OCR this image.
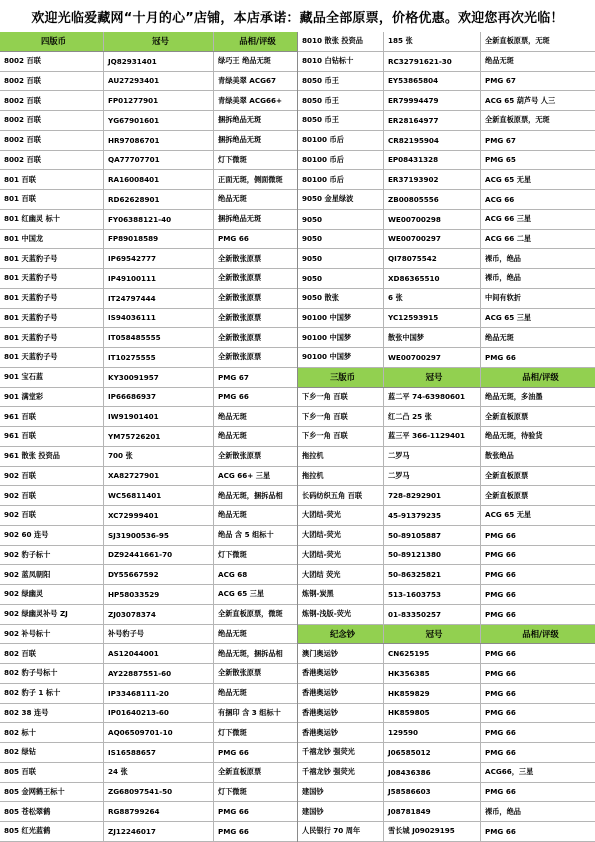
欢迎光临爱藏网“十月的心”店铺，本店承诺：藏品全部原票，价格优惠。欢迎您再次光临！
四版币	冠号	品相/评级
8002 百联	JQ82931401	绿巧王 绝品无斑
8002 百联	AU27293401	青绿美翠 ACG67
8002 百联	FP01277901	青绿美翠 ACG66+
8002 百联	YG67901601	捆拆绝品无斑
8002 百联	HR97086701	捆拆绝品无斑
8002 百联	QA77707701	灯下微斑
801 百联	RA16008401	正面无斑，侧面微斑
801 百联	RD62628901	绝品无斑
801 红幽灵 标十	FY06388121-40	捆拆绝品无斑
801 中国龙	FP89018589	PMG 66
801 天蓝豹子号	IP69542777	全新散张原票
801 天蓝豹子号	IP49100111	全新散张原票
801 天蓝豹子号	IT24797444	全新散张原票
801 天蓝豹子号	IS94036111	全新散张原票
801 天蓝豹子号	IT058485555	全新散张原票
801 天蓝豹子号	IT10275555	全新散张原票
901 宝石蓝	KY30091957	PMG 67
901 满堂彩	IP66686937	PMG 66
961 百联	IW91901401	绝品无斑
961 百联	YM75726201	绝品无斑
961 散张 投资品	700 张	全新散张原票
902 百联	XA82727901	ACG 66+ 三星
902 百联	WC56811401	绝品无斑，捆拆品相
902 百联	XC72999401	绝品无斑
902 60 连号	SJ31900536-95	绝品 含 5 组标十
902 豹子标十	DZ92441661-70	灯下微斑
902 蓝凤朝阳	DY55667592	ACG 68
902 绿幽灵	HP58033529	ACG 65 三星
902 绿幽灵补号 ZJ	ZJ03078374	全新直板原票，微斑
902 补号标十	补号豹子号	绝品无斑
802 百联	AS12044001	绝品无斑，捆拆品相
802 豹子号标十	AY22887551-60	全新散张原票
802 豹子 1 标十	IP33468111-20	绝品无斑
802 38 连号	IP01640213-60	有捆印 含 3 组标十
802 标十	AQ06509701-10	灯下微斑
802 绿钻	IS16588657	PMG 66
805 百联	24 张	全新直板原票
805 金网鹤王标十	ZG68097541-50	灯下微斑
805 苍松翠鹤	RG88799264	PMG 66
805 红光蓝鹤	ZJ12246017	PMG 66
8010 散张 投资品	185 张	全新直板原票，无斑
8010 白钻标十	RC32791621-30	绝品无斑
8050 币王	EY53865804	PMG 67
8050 币王	ER79994479	ACG 65 葫芦号 人三
8050 币王	ER28164977	全新直板原票，无斑
80100 币后	CR82195904	PMG 67
80100 币后	EP08431328	PMG 65
80100 币后	ER37193902	ACG 65 无星
9050 金星绿波	ZB00805556	ACG 66
9050	WE00700298	ACG 66 三星
9050	WE00700297	ACG 66 二星
9050	QI78075542	裸币，绝品
9050	XD86365510	裸币，绝品
9050 散张	6 张	中间有软折
90100 中国梦	YC12593915	ACG 65 三星
90100 中国梦	散张中国梦	绝品无斑
90100 中国梦	WE00700297	PMG 66
三版币	冠号	品相/评级
下乡一角 百联	蓝二平 74-63980601	绝品无斑，多油墨
下乡一角 百联	红二凸 25 张	全新直板原票
下乡一角 百联	蓝三平 366-1129401	绝品无斑，待验货
拖拉机	二罗马	散张绝品
拖拉机	二罗马	全新直板原票
长码纺织五角 百联	728-8292901	全新直板原票
大团结-荧光	45-91379235	ACG 65 无星
大团结-荧光	50-89105887	PMG 66
大团结-荧光	50-89121380	PMG 66
大团结 荧光	50-86325821	PMG 66
炼钢-炭黑	513-1603753	PMG 66
炼钢-浅版-荧光	01-83350257	PMG 66
纪念钞	冠号	品相/评级
澳门奥运钞	CN625195	PMG 66
香港奥运钞	HK356385	PMG 66
香港奥运钞	HK859829	PMG 66
香港奥运钞	HK859805	PMG 66
香港奥运钞	129590	PMG 66
千禧龙钞 强荧光	J06585012	PMG 66
千禧龙钞 强荧光	J08436386	ACG66，三星
建国钞	J58586603	PMG 66
建国钞	J08781849	裸币，绝品
人民银行 70 周年	雪长城 J09029195	PMG 66
